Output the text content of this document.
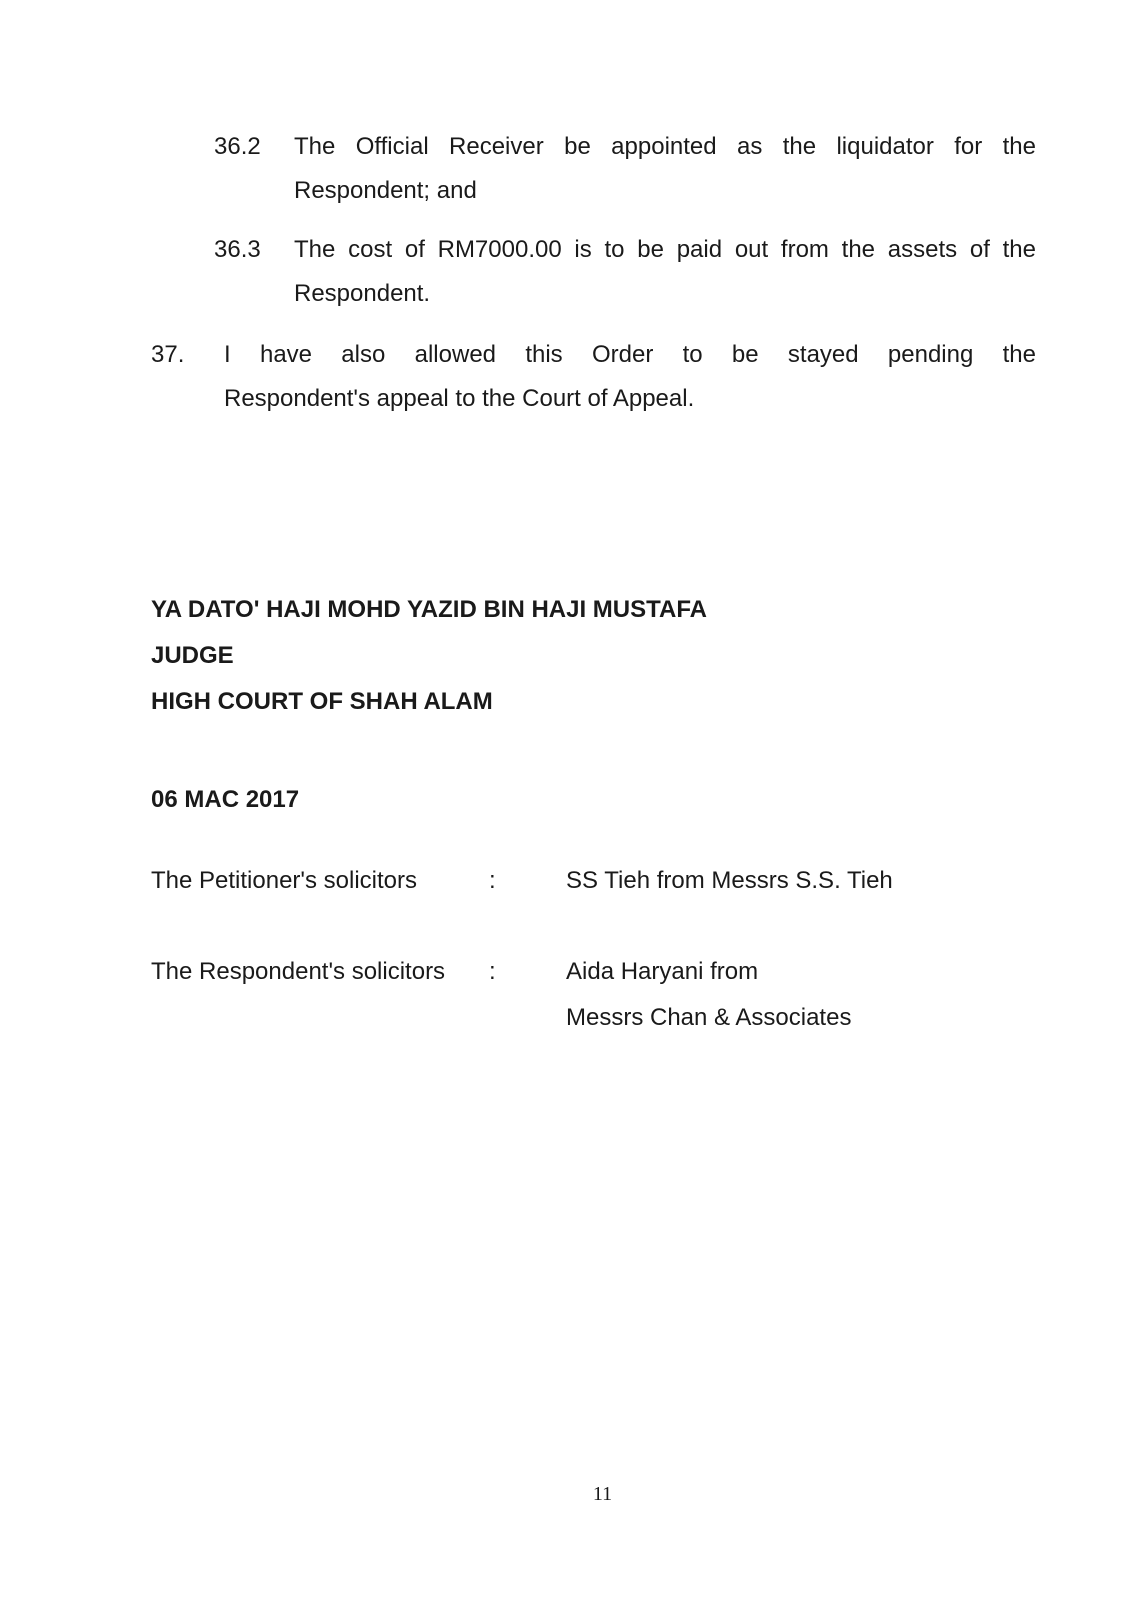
36.2	The Official Receiver be appointed as the liquidator for the
Respondent; and
36.3	The cost of RM7000.00 is to be paid out from the assets of the
Respondent.
37.	I have also allowed this Order to be stayed pending the
Respondent's appeal to the Court of Appeal.
YA DATO' HAJI MOHD YAZID BIN HAJI MUSTAFA
JUDGE
HIGH COURT OF SHAH ALAM
06 MAC 2017
The Petitioner's solicitors	:	SS Tieh from Messrs S.S. Tieh
The Respondent's solicitors :	Aida Haryani from
Messrs Chan & Associates
11
